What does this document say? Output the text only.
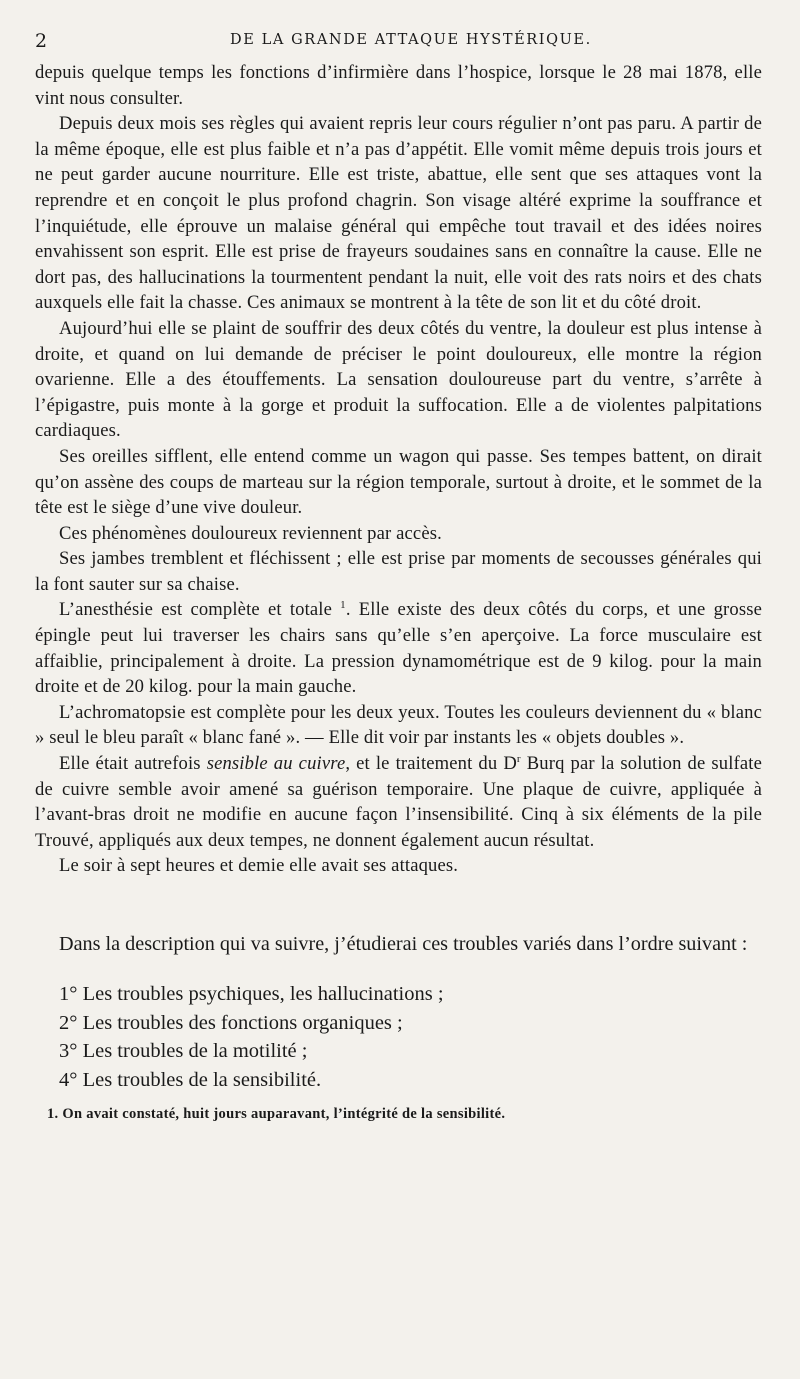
2	DE LA GRANDE ATTAQUE HYSTÉRIQUE.

depuis quelque temps les fonctions d’infirmière dans l’hospice, lorsque le 28 mai 1878, elle vint nous consulter.

Depuis deux mois ses règles qui avaient repris leur cours régulier n’ont pas paru. A partir de la même époque, elle est plus faible et n’a pas d’appétit. Elle vomit même depuis trois jours et ne peut garder aucune nourriture. Elle est triste, abattue, elle sent que ses attaques vont la reprendre et en conçoit le plus profond chagrin. Son visage altéré exprime la souffrance et l’inquiétude, elle éprouve un malaise général qui empêche tout travail et des idées noires envahissent son esprit. Elle est prise de frayeurs soudaines sans en connaître la cause. Elle ne dort pas, des hallucinations la tourmentent pendant la nuit, elle voit des rats noirs et des chats auxquels elle fait la chasse. Ces animaux se montrent à la tête de son lit et du côté droit.

Aujourd’hui elle se plaint de souffrir des deux côtés du ventre, la douleur est plus intense à droite, et quand on lui demande de préciser le point douloureux, elle montre la région ovarienne. Elle a des étouffements. La sensation douloureuse part du ventre, s’arrête à l’épigastre, puis monte à la gorge et produit la suffocation. Elle a de violentes palpitations cardiaques.

Ses oreilles sifflent, elle entend comme un wagon qui passe. Ses tempes battent, on dirait qu’on assène des coups de marteau sur la région temporale, surtout à droite, et le sommet de la tête est le siège d’une vive douleur.

Ces phénomènes douloureux reviennent par accès.

Ses jambes tremblent et fléchissent ; elle est prise par moments de secousses générales qui la font sauter sur sa chaise.

L’anesthésie est complète et totale $^1$. Elle existe des deux côtés du corps, et une grosse épingle peut lui traverser les chairs sans qu’elle s’en aperçoive. La force musculaire est affaiblie, principalement à droite. La pression dynamométrique est de 9 kilog. pour la main droite et de 20 kilog. pour la main gauche.

L’achromatopsie est complète pour les deux yeux. Toutes les couleurs deviennent du « blanc » seul le bleu paraît « blanc fané ». — Elle dit voir par instants les « objets doubles ».

Elle était autrefois sensible au cuivre, et le traitement du $D^r$ Burq par la solution de sulfate de cuivre semble avoir amené sa guérison temporaire. Une plaque de cuivre, appliquée à l’avant-bras droit ne modifie en aucune façon l’insensibilité. Cinq à six éléments de la pile Trouvé, appliqués aux deux tempes, ne donnent également aucun résultat.

Le soir à sept heures et demie elle avait ses attaques.

Dans la description qui va suivre, j’étudierai ces troubles variés dans l’ordre suivant :

1° Les troubles psychiques, les hallucinations ;
2° Les troubles des fonctions organiques ;
3° Les troubles de la motilité ;
4° Les troubles de la sensibilité.
1. On avait constaté, huit jours auparavant, l’intégrité de la sensibilité.
